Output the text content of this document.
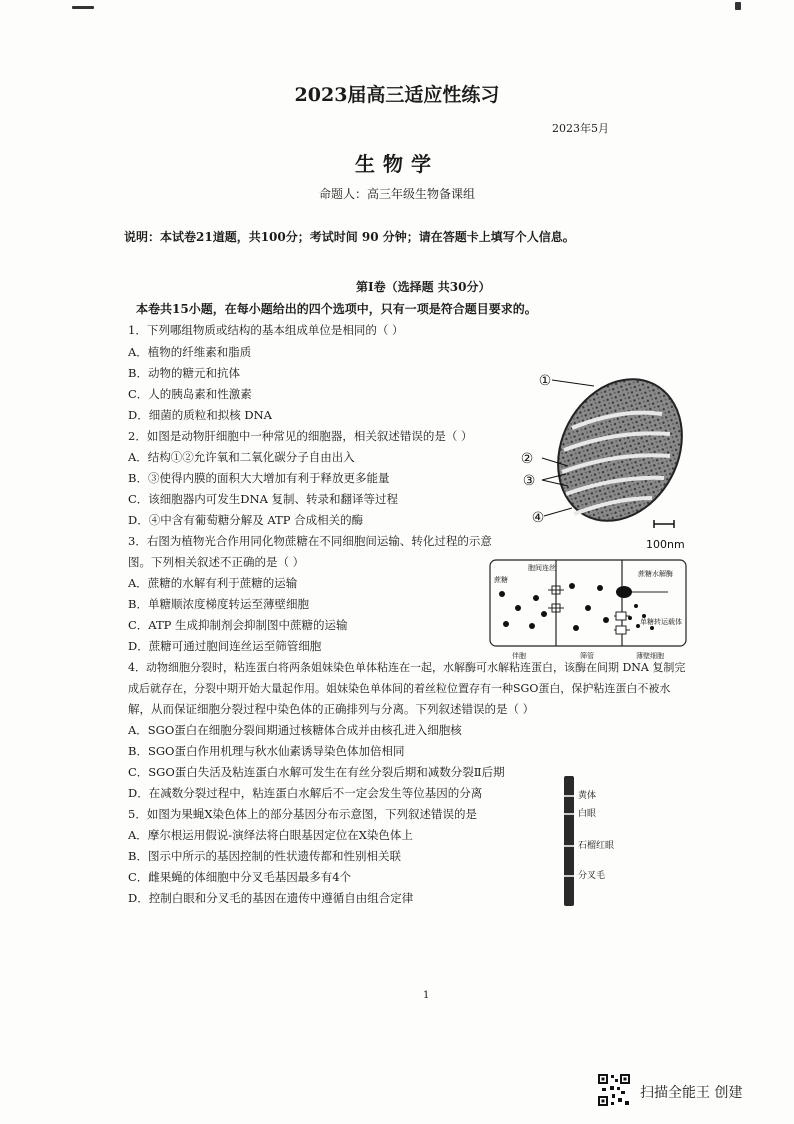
2023届高三适应性练习
2023年5月
生物学
命题人：高三年级生物备课组
说明：本试卷21道题，共100分；考试时间 90 分钟；请在答题卡上填写个人信息。
第Ⅰ卷（选择题 共30分）
本卷共15小题，在每小题给出的四个选项中，只有一项是符合题目要求的。
1．下列哪组物质或结构的基本组成单位是相同的（ ）
A．植物的纤维素和脂质
B．动物的糖元和抗体
C．人的胰岛素和性激素
D．细菌的质粒和拟核 DNA
2．如图是动物肝细胞中一种常见的细胞器，相关叙述错误的是（ ）
A．结构①②允许氧和二氧化碳分子自由出入
B．③使得内膜的面积大大增加有利于释放更多能量
C．该细胞器内可发生DNA 复制、转录和翻译等过程
D．④中含有葡萄糖分解及 ATP 合成相关的酶
3．右图为植物光合作用同化物蔗糖在不同细胞间运输、转化过程的示意
图。下列相关叙述不正确的是（ ）
A．蔗糖的水解有利于蔗糖的运输
B．单糖顺浓度梯度转运至薄壁细胞
C．ATP 生成抑制剂会抑制图中蔗糖的运输
D．蔗糖可通过胞间连丝运至筛管细胞
4．动物细胞分裂时，粘连蛋白将两条姐妹染色单体粘连在一起，水解酶可水解粘连蛋白，该酶在间期 DNA 复制完
成后就存在，分裂中期开始大量起作用。姐妹染色单体间的着丝粒位置存有一种SGO蛋白，保护粘连蛋白不被水
解，从而保证细胞分裂过程中染色体的正确排列与分离。下列叙述错误的是（ ）
A．SGO蛋白在细胞分裂间期通过核糖体合成并由核孔进入细胞核
B．SGO蛋白作用机理与秋水仙素诱导染色体加倍相同
C．SGO蛋白失活及粘连蛋白水解可发生在有丝分裂后期和减数分裂Ⅱ后期
D．在减数分裂过程中，粘连蛋白水解后不一定会发生等位基因的分离
5．如图为果蝇X染色体上的部分基因分布示意图，下列叙述错误的是
A．摩尔根运用假说-演绎法将白眼基因定位在X染色体上
B．图示中所示的基因控制的性状遗传都和性别相关联
C．雌果蝇的体细胞中分叉毛基因最多有4个
D．控制白眼和分叉毛的基因在遗传中遵循自由组合定律
①
②
③
④
100nm
胞间连丝
蔗糖
蔗糖水解酶
单糖转运载体
伴胞	筛管	薄壁细胞
黄体
白眼
石榴红眼
分叉毛
1
扫描全能王 创建
